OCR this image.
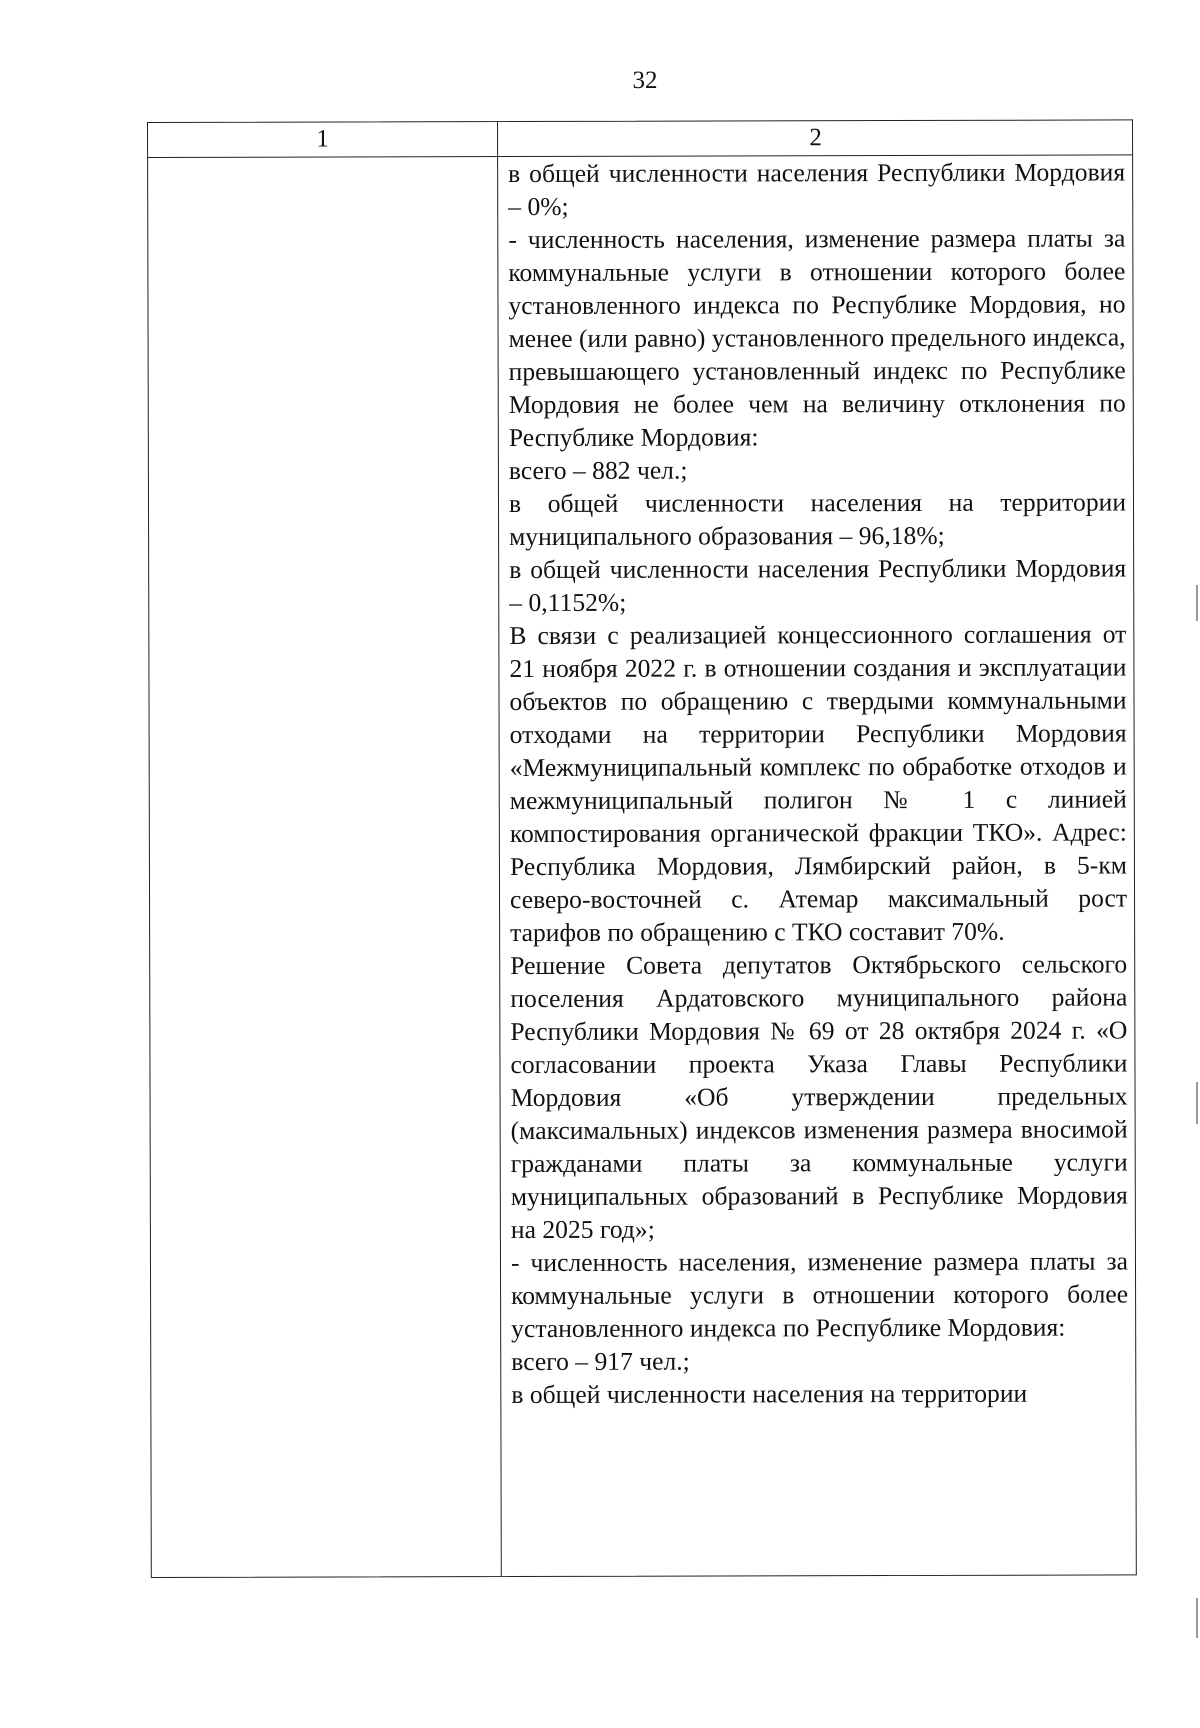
32
1	2

в общей численности населения Республики Мордовия – 0%;

- численность населения, изменение размера платы за коммунальные услуги в отношении которого более установленного индекса по Республике Мордовия, но менее (или равно) установленного предельного индекса, превышающего установленный индекс по Республике Мордовия не более чем на величину отклонения по Республике Мордовия:

всего – 882 чел.;

в общей численности населения на территории муниципального образования – 96,18%;

в общей численности населения Республики Мордовия – 0,1152%;

В связи с реализацией концессионного соглашения от 21 ноября 2022 г. в отношении создания и эксплуатации объектов по обращению с твердыми коммунальными отходами на территории Республики Мордовия «Межмуниципальный комплекс по обработке отходов и межмуниципальный полигон № 1 с линией компостирования органической фракции ТКО». Адрес: Республика Мордовия, Лямбирский район, в 5-км северо-восточней с. Атемар максимальный рост тарифов по обращению с ТКО составит 70%.

Решение Совета депутатов Октябрьского сельского поселения Ардатовского муниципального района Республики Мордовия № 69 от 28 октября 2024 г. «О согласовании проекта Указа Главы Республики Мордовия «Об утверждении предельных (максимальных) индексов изменения размера вносимой гражданами платы за коммунальные услуги муниципальных образований в Республике Мордовия на 2025 год»;

- численность населения, изменение размера платы за коммунальные услуги в отношении которого более установленного индекса по Республике Мордовия:

всего – 917 чел.;

в общей численности населения на территории
